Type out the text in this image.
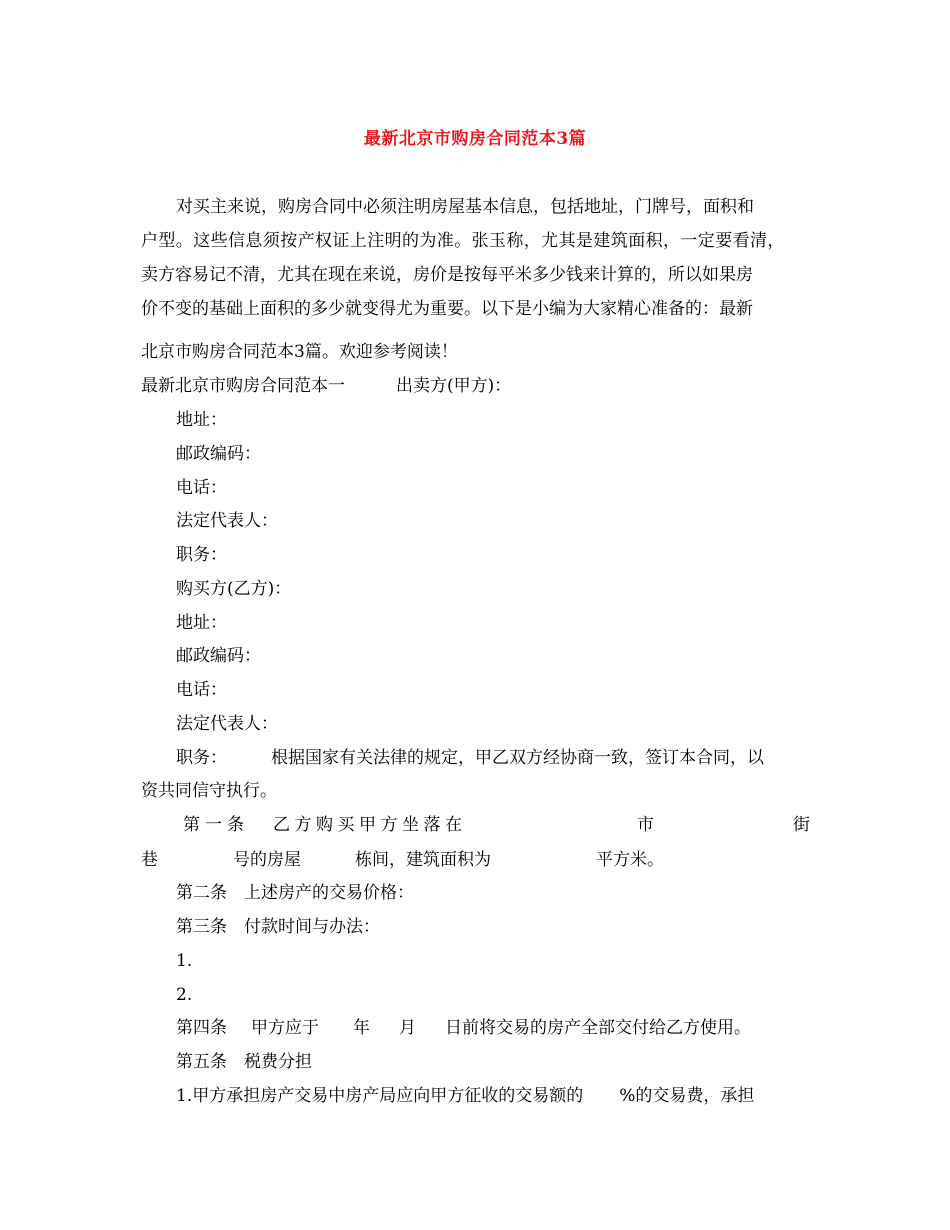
最新北京市购房合同范本3篇
对买主来说，购房合同中必须注明房屋基本信息，包括地址，门牌号，面积和
户型。这些信息须按产权证上注明的为准。张玉称，尤其是建筑面积，一定要看清，
卖方容易记不清，尤其在现在来说，房价是按每平米多少钱来计算的，所以如果房
价不变的基础上面积的多少就变得尤为重要。以下是小编为大家精心准备的：最新
北京市购房合同范本3篇。欢迎参考阅读！
最新北京市购房合同范本一	出卖方(甲方)：
地址：
邮政编码：
电话：
法定代表人：
职务：
购买方(乙方)：
地址：
邮政编码：
电话：
法定代表人：
职务：	根据国家有关法律的规定，甲乙双方经协商一致，签订本合同，以
资共同信守执行。
第一条 乙方购买甲方坐落在	市	街
巷	号的房屋	栋间，建筑面积为	平方米。
第二条　上述房产的交易价格：
第三条　付款时间与办法：
1.
2.
第四条 甲方应于 年 月 日前将交易的房产全部交付给乙方使用。
第五条　税费分担
1.甲方承担房产交易中房产局应向甲方征收的交易额的 %的交易费，承担
